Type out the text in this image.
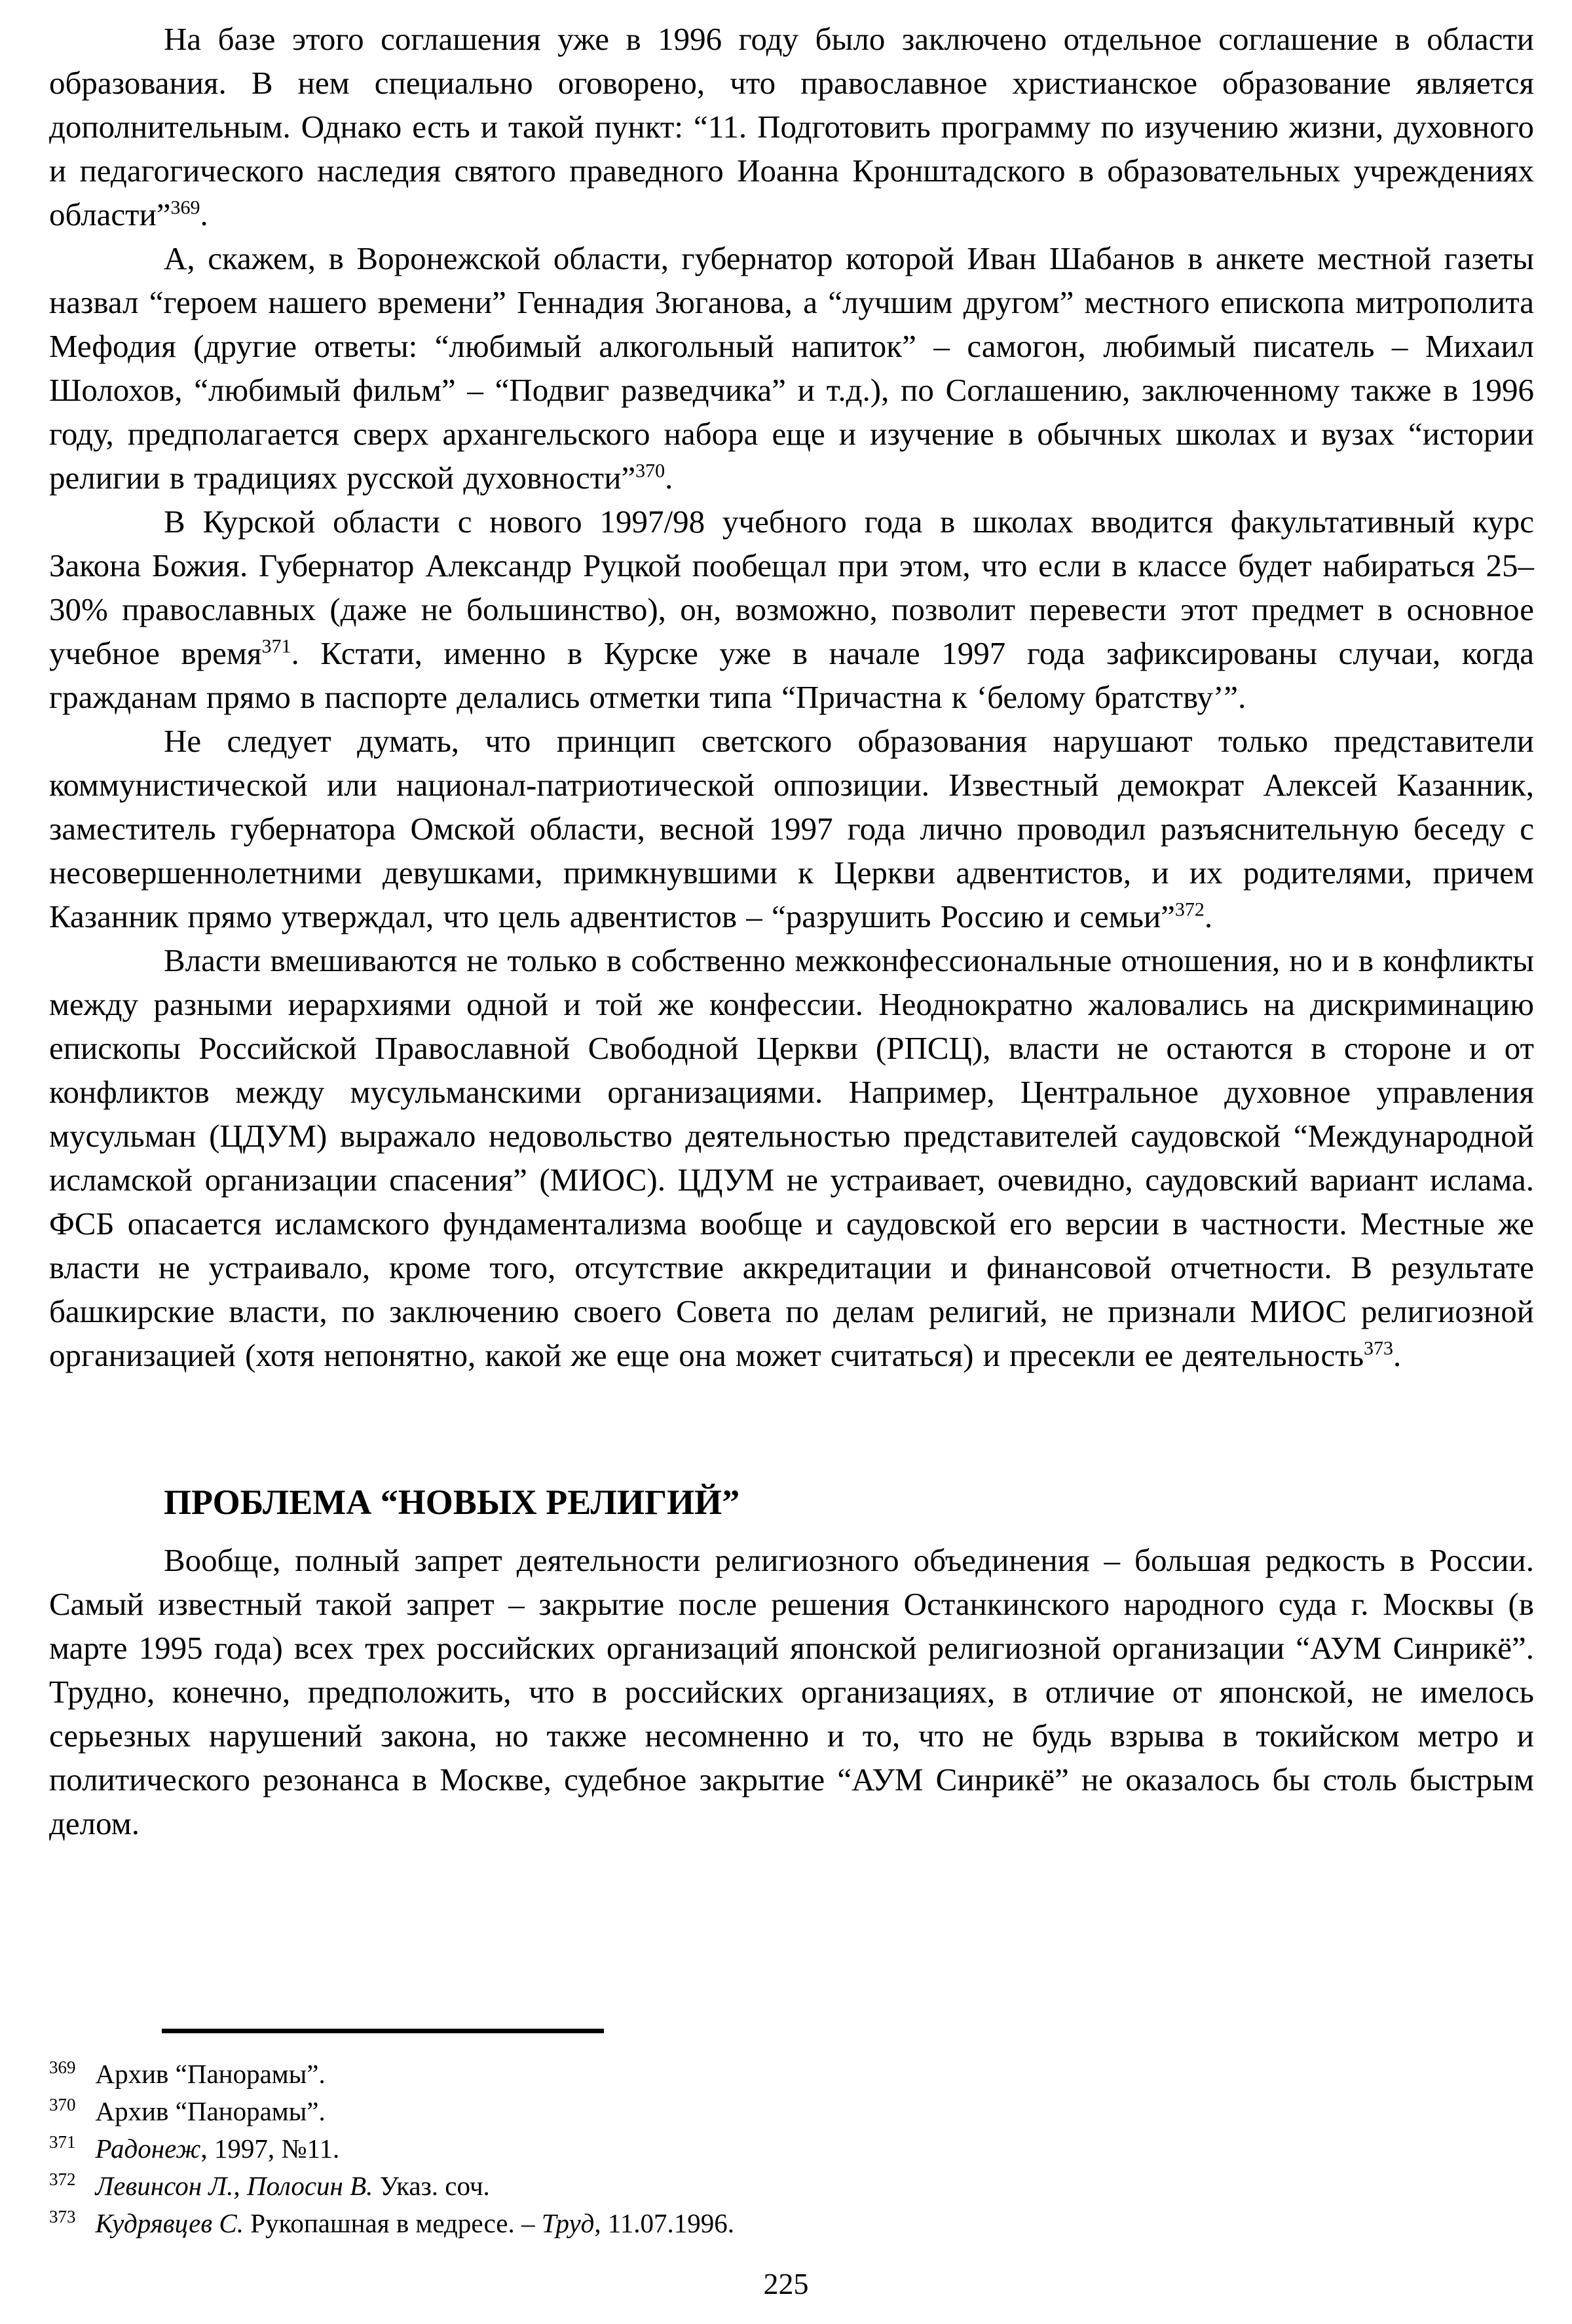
На базе этого соглашения уже в 1996 году было заключено отдельное соглашение в области образования. В нем специально оговорено, что православное христианское образование является дополнительным. Однако есть и такой пункт: “11. Подготовить программу по изучению жизни, духовного и педагогического наследия святого праведного Иоанна Кронштадского в образовательных учреждениях области”$^{369}$.

А, скажем, в Воронежской области, губернатор которой Иван Шабанов в анкете местной газеты назвал “героем нашего времени” Геннадия Зюганова, а “лучшим другом” местного епископа митрополита Мефодия (другие ответы: “любимый алкогольный напиток” – самогон, любимый писатель – Михаил Шолохов, “любимый фильм” – “Подвиг разведчика” и т.д.), по Соглашению, заключенному также в 1996 году, предполагается сверх архангельского набора еще и изучение в обычных школах и вузах “истории религии в традициях русской духовности”$^{370}$.

В Курской области с нового 1997/98 учебного года в школах вводится факультативный курс Закона Божия. Губернатор Александр Руцкой пообещал при этом, что если в классе будет набираться 25–30% православных (даже не большинство), он, возможно, позволит перевести этот предмет в основное учебное время$^{371}$. Кстати, именно в Курске уже в начале 1997 года зафиксированы случаи, когда гражданам прямо в паспорте делались отметки типа “Причастна к ‘белому братству’”.

Не следует думать, что принцип светского образования нарушают только представители коммунистической или национал-патриотической оппозиции. Известный демократ Алексей Казанник, заместитель губернатора Омской области, весной 1997 года лично проводил разъяснительную беседу с несовершеннолетними девушками, примкнувшими к Церкви адвентистов, и их родителями, причем Казанник прямо утверждал, что цель адвентистов – “разрушить Россию и семьи”$^{372}$.

Власти вмешиваются не только в собственно межконфессиональные отношения, но и в конфликты между разными иерархиями одной и той же конфессии. Неоднократно жаловались на дискриминацию епископы Российской Православной Свободной Церкви (РПСЦ), власти не остаются в стороне и от конфликтов между мусульманскими организациями. Например, Центральное духовное управления мусульман (ЦДУМ) выражало недовольство деятельностью представителей саудовской “Международной исламской организации спасения” (МИОС). ЦДУМ не устраивает, очевидно, саудовский вариант ислама. ФСБ опасается исламского фундаментализма вообще и саудовской его версии в частности. Местные же власти не устраивало, кроме того, отсутствие аккредитации и финансовой отчетности. В результате башкирские власти, по заключению своего Совета по делам религий, не признали МИОС религиозной организацией (хотя непонятно, какой же еще она может считаться) и пресекли ее деятельность$^{373}$.

ПРОБЛЕМА “НОВЫХ РЕЛИГИЙ”

Вообще, полный запрет деятельности религиозного объединения – большая редкость в России. Самый известный такой запрет – закрытие после решения Останкинского народного суда г. Москвы (в марте 1995 года) всех трех российских организаций японской религиозной организации “АУМ Синрикё”. Трудно, конечно, предположить, что в российских организациях, в отличие от японской, не имелось серьезных нарушений закона, но также несомненно и то, что не будь взрыва в токийском метро и политического резонанса в Москве, судебное закрытие “АУМ Синрикё” не оказалось бы столь быстрым делом.

$^{369}$ Архив “Панорамы”.
$^{370}$ Архив “Панорамы”.
$^{371}$ Радонеж, 1997, №11.
$^{372}$ Левинсон Л., Полосин В. Указ. соч.
$^{373}$ Кудрявцев С. Рукопашная в медресе. – Труд, 11.07.1996.
225
